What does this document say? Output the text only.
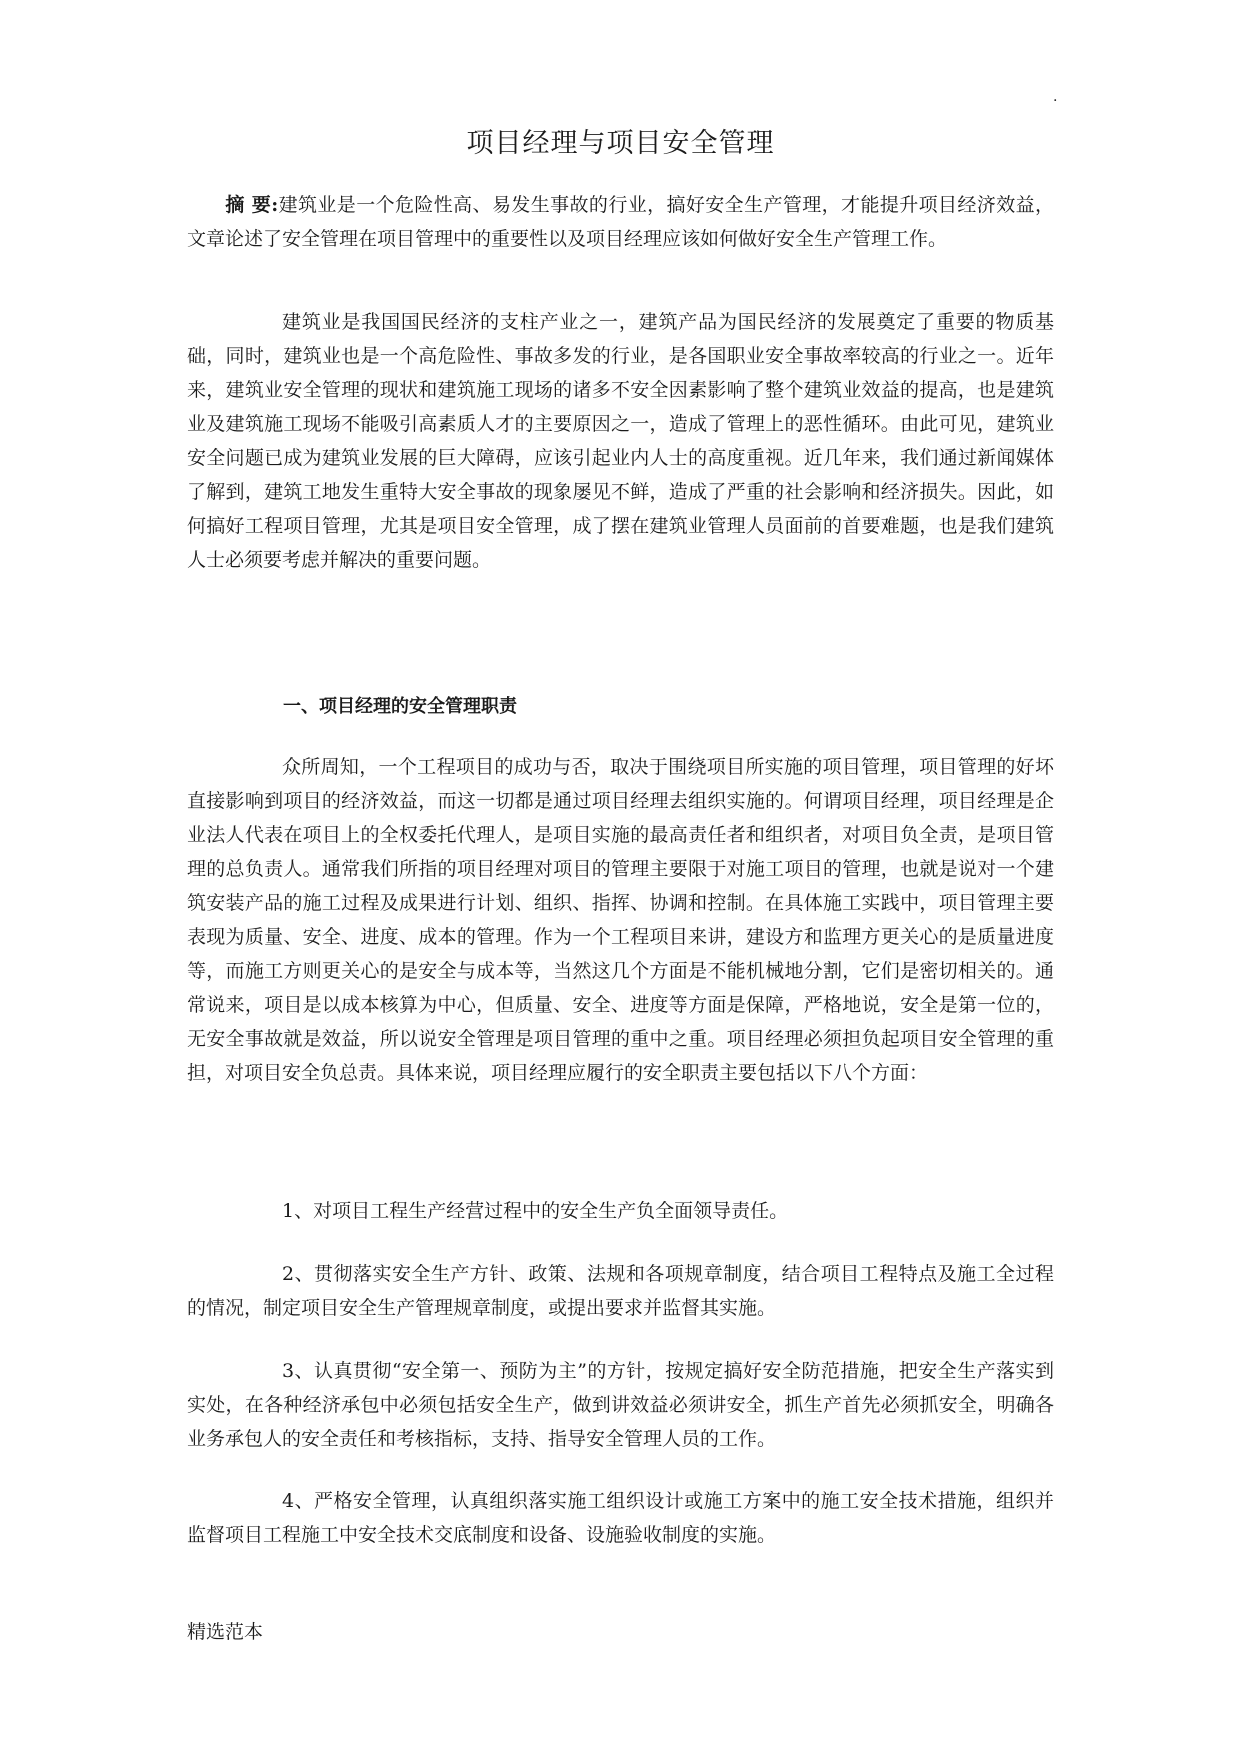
.
项目经理与项目安全管理
摘 要:建筑业是一个危险性高、易发生事故的行业，搞好安全生产管理，才能提升项目经济效益，文章论述了安全管理在项目管理中的重要性以及项目经理应该如何做好安全生产管理工作。
建筑业是我国国民经济的支柱产业之一，建筑产品为国民经济的发展奠定了重要的物质基础，同时，建筑业也是一个高危险性、事故多发的行业，是各国职业安全事故率较高的行业之一。近年来，建筑业安全管理的现状和建筑施工现场的诸多不安全因素影响了整个建筑业效益的提高，也是建筑业及建筑施工现场不能吸引高素质人才的主要原因之一，造成了管理上的恶性循环。由此可见，建筑业安全问题已成为建筑业发展的巨大障碍，应该引起业内人士的高度重视。近几年来，我们通过新闻媒体了解到，建筑工地发生重特大安全事故的现象屡见不鲜，造成了严重的社会影响和经济损失。因此，如何搞好工程项目管理，尤其是项目安全管理，成了摆在建筑业管理人员面前的首要难题，也是我们建筑人士必须要考虑并解决的重要问题。
一、项目经理的安全管理职责
众所周知，一个工程项目的成功与否，取决于围绕项目所实施的项目管理，项目管理的好坏直接影响到项目的经济效益，而这一切都是通过项目经理去组织实施的。何谓项目经理，项目经理是企业法人代表在项目上的全权委托代理人，是项目实施的最高责任者和组织者，对项目负全责，是项目管理的总负责人。通常我们所指的项目经理对项目的管理主要限于对施工项目的管理，也就是说对一个建筑安装产品的施工过程及成果进行计划、组织、指挥、协调和控制。在具体施工实践中，项目管理主要表现为质量、安全、进度、成本的管理。作为一个工程项目来讲，建设方和监理方更关心的是质量进度等，而施工方则更关心的是安全与成本等，当然这几个方面是不能机械地分割，它们是密切相关的。通常说来，项目是以成本核算为中心，但质量、安全、进度等方面是保障，严格地说，安全是第一位的，无安全事故就是效益，所以说安全管理是项目管理的重中之重。项目经理必须担负起项目安全管理的重担，对项目安全负总责。具体来说，项目经理应履行的安全职责主要包括以下八个方面：
1、对项目工程生产经营过程中的安全生产负全面领导责任。
2、贯彻落实安全生产方针、政策、法规和各项规章制度，结合项目工程特点及施工全过程的情况，制定项目安全生产管理规章制度，或提出要求并监督其实施。
3、认真贯彻“安全第一、预防为主”的方针，按规定搞好安全防范措施，把安全生产落实到实处，在各种经济承包中必须包括安全生产，做到讲效益必须讲安全，抓生产首先必须抓安全，明确各业务承包人的安全责任和考核指标，支持、指导安全管理人员的工作。
4、严格安全管理，认真组织落实施工组织设计或施工方案中的施工安全技术措施，组织并监督项目工程施工中安全技术交底制度和设备、设施验收制度的实施。
精选范本
